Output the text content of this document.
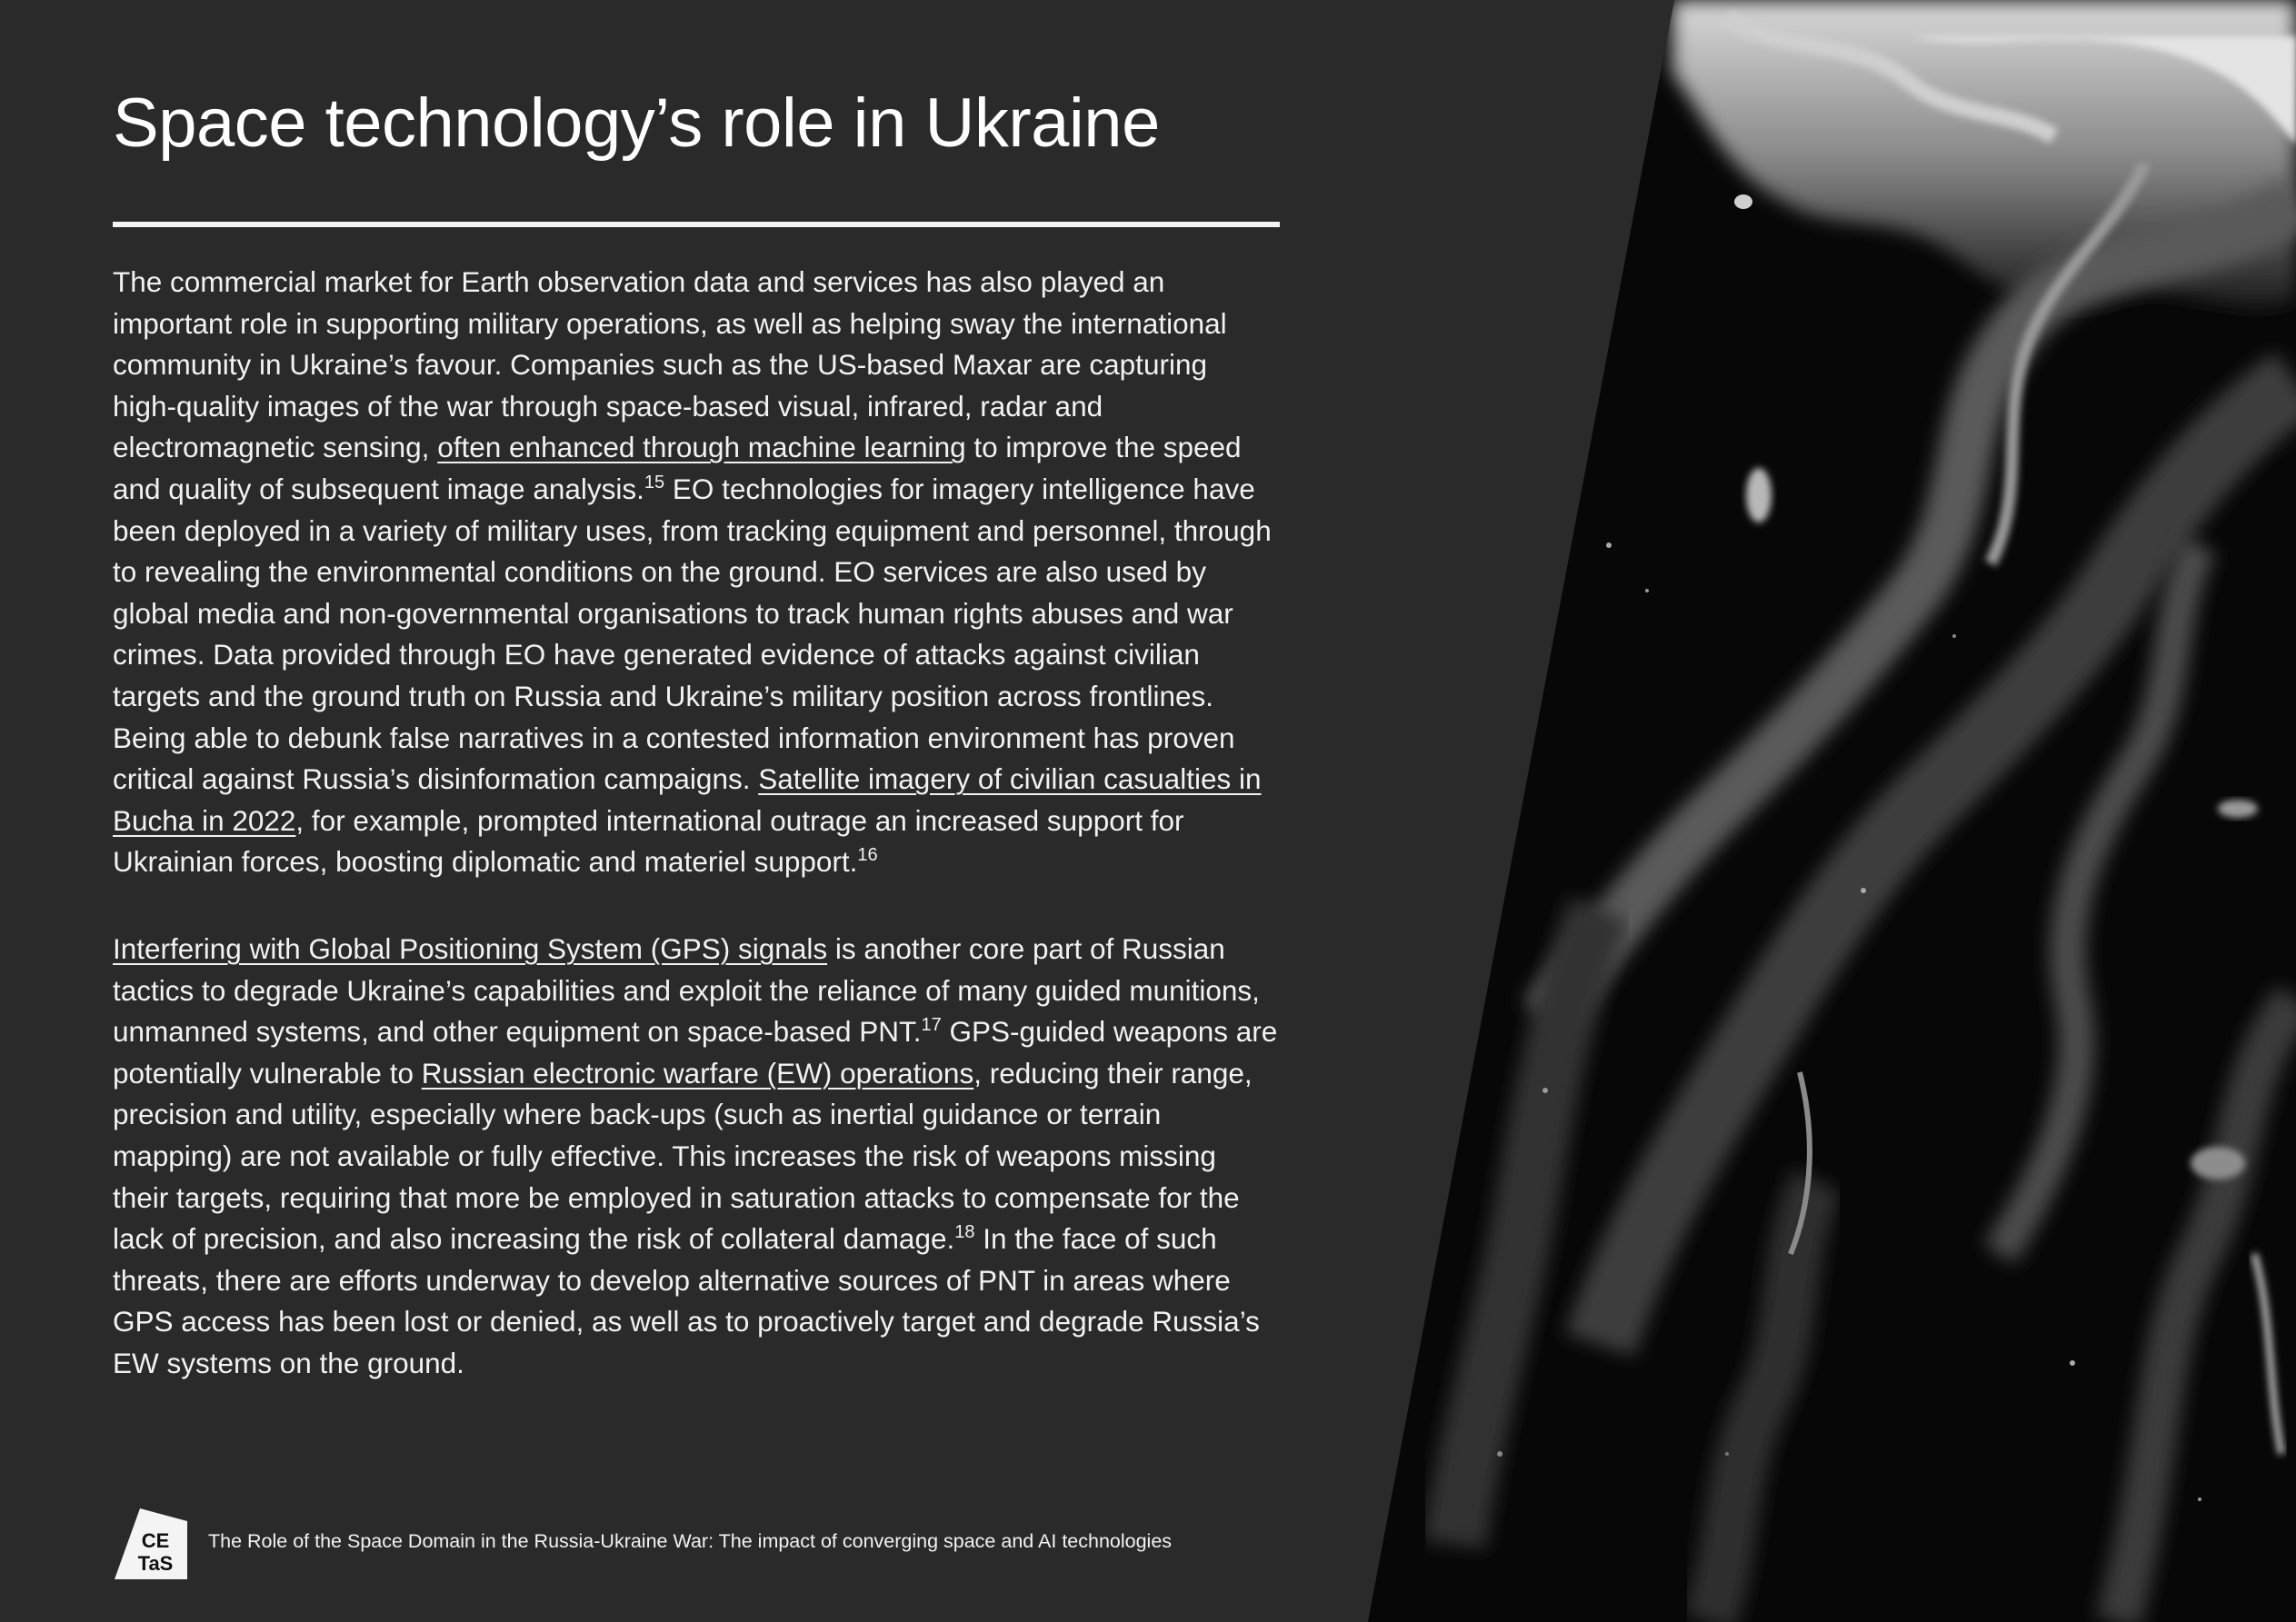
Space technology’s role in Ukraine

The commercial market for Earth observation data and services has also played an
important role in supporting military operations, as well as helping sway the international
community in Ukraine’s favour. Companies such as the US-based Maxar are capturing
high-quality images of the war through space-based visual, infrared, radar and
electromagnetic sensing, often enhanced through machine learning to improve the speed
and quality of subsequent image analysis.$^{15}$ EO technologies for imagery intelligence have
been deployed in a variety of military uses, from tracking equipment and personnel, through
to revealing the environmental conditions on the ground. EO services are also used by
global media and non-governmental organisations to track human rights abuses and war
crimes. Data provided through EO have generated evidence of attacks against civilian
targets and the ground truth on Russia and Ukraine’s military position across frontlines.
Being able to debunk false narratives in a contested information environment has proven
critical against Russia’s disinformation campaigns. Satellite imagery of civilian casualties in
Bucha in 2022, for example, prompted international outrage an increased support for
Ukrainian forces, boosting diplomatic and materiel support.$^{16}$

Interfering with Global Positioning System (GPS) signals is another core part of Russian
tactics to degrade Ukraine’s capabilities and exploit the reliance of many guided munitions,
unmanned systems, and other equipment on space-based PNT.$^{17}$ GPS-guided weapons are
potentially vulnerable to Russian electronic warfare (EW) operations, reducing their range,
precision and utility, especially where back-ups (such as inertial guidance or terrain
mapping) are not available or fully effective. This increases the risk of weapons missing
their targets, requiring that more be employed in saturation attacks to compensate for the
lack of precision, and also increasing the risk of collateral damage.$^{18}$ In the face of such
threats, there are efforts underway to develop alternative sources of PNT in areas where
GPS access has been lost or denied, as well as to proactively target and degrade Russia’s
EW systems on the ground.

CE
TaS
The Role of the Space Domain in the Russia-Ukraine War: The impact of converging space and AI technologies
